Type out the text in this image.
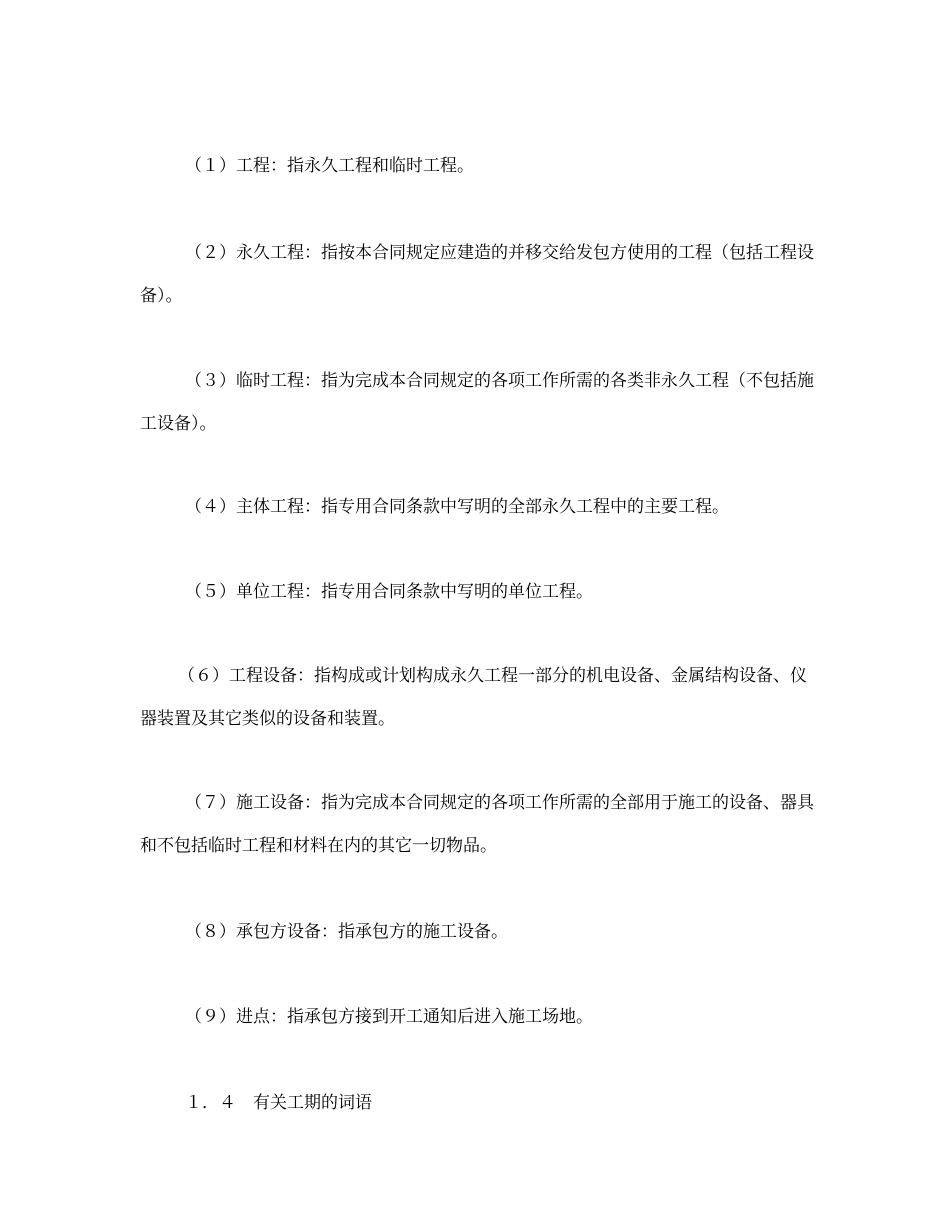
（１）工程：指永久工程和临时工程。

（２）永久工程：指按本合同规定应建造的并移交给发包方使用的工程（包括工程设备）。

（３）临时工程：指为完成本合同规定的各项工作所需的各类非永久工程（不包括施工设备）。

（４）主体工程：指专用合同条款中写明的全部永久工程中的主要工程。

（５）单位工程：指专用合同条款中写明的单位工程。

（６）工程设备：指构成或计划构成永久工程一部分的机电设备、金属结构设备、仪器装置及其它类似的设备和装置。

（７）施工设备：指为完成本合同规定的各项工作所需的全部用于施工的设备、器具和不包括临时工程和材料在内的其它一切物品。

（８）承包方设备：指承包方的施工设备。

（９）进点：指承包方接到开工通知后进入施工场地。

１．４　有关工期的词语
